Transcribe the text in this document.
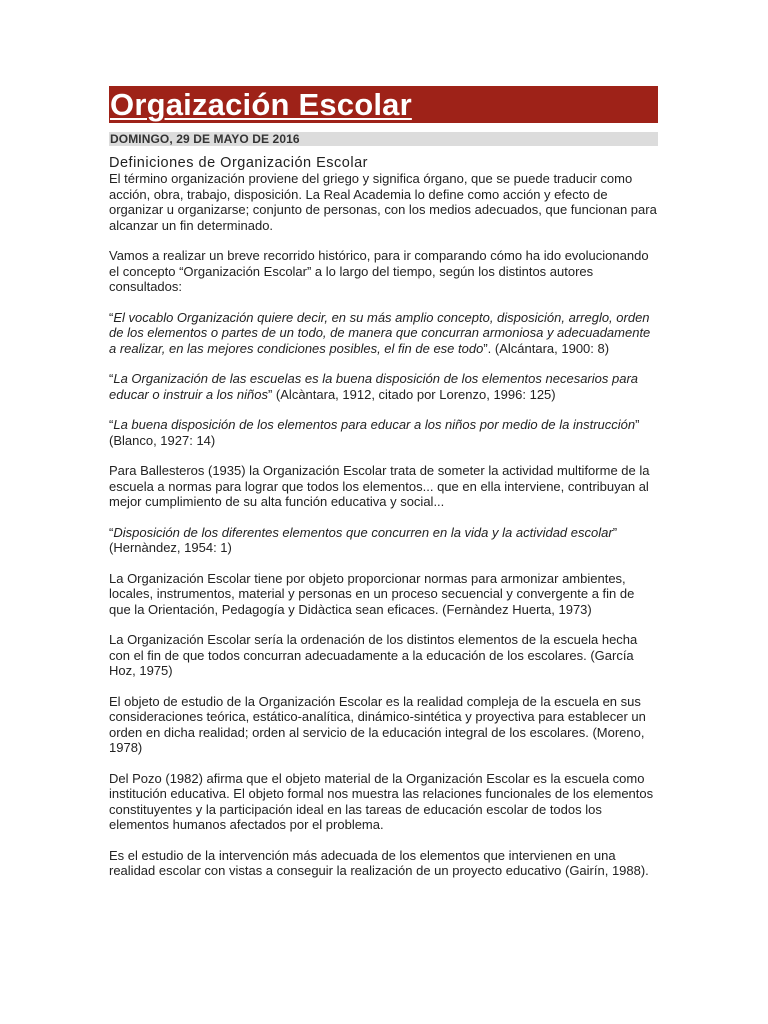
Orgaización Escolar
DOMINGO, 29 DE MAYO DE 2016
Definiciones de Organización Escolar

El término organización proviene del griego y significa órgano, que se puede traducir como acción, obra, trabajo, disposición. La Real Academia lo define como acción y efecto de organizar u organizarse; conjunto de personas, con los medios adecuados, que funcionan para alcanzar un fin determinado.

Vamos a realizar un breve recorrido histórico, para ir comparando cómo ha ido evolucionando el concepto “Organización Escolar” a lo largo del tiempo, según los distintos autores consultados:

“El vocablo Organización quiere decir, en su más amplio concepto, disposición, arreglo, orden de los elementos o partes de un todo, de manera que concurran armoniosa y adecuadamente a realizar, en las mejores condiciones posibles, el fin de ese todo”. (Alcántara, 1900: 8)

“La Organización de las escuelas es la buena disposición de los elementos necesarios para educar o instruir a los niños” (Alcàntara, 1912, citado por Lorenzo, 1996: 125)

“La buena disposición de los elementos para educar a los niños por medio de la instrucción” (Blanco, 1927: 14)

Para Ballesteros (1935) la Organización Escolar trata de someter la actividad multiforme de la escuela a normas para lograr que todos los elementos... que en ella interviene, contribuyan al mejor cumplimiento de su alta función educativa y social...

“Disposición de los diferentes elementos que concurren en la vida y la actividad escolar” (Hernàndez, 1954: 1)

La Organización Escolar tiene por objeto proporcionar normas para armonizar ambientes, locales, instrumentos, material y personas en un proceso secuencial y convergente a fin de que la Orientación, Pedagogía y Didàctica sean eficaces. (Fernàndez Huerta, 1973)

La Organización Escolar sería la ordenación de los distintos elementos de la escuela hecha con el fin de que todos concurran adecuadamente a la educación de los escolares. (García Hoz, 1975)

El objeto de estudio de la Organización Escolar es la realidad compleja de la escuela en sus consideraciones teórica, estático-analítica, dinámico-sintética y proyectiva para establecer un orden en dicha realidad; orden al servicio de la educación integral de los escolares. (Moreno, 1978)

Del Pozo (1982) afirma que el objeto material de la Organización Escolar es la escuela como institución educativa. El objeto formal nos muestra las relaciones funcionales de los elementos constituyentes y la participación ideal en las tareas de educación escolar de todos los elementos humanos afectados por el problema.

Es el estudio de la intervención más adecuada de los elementos que intervienen en una realidad escolar con vistas a conseguir la realización de un proyecto educativo (Gairín, 1988).
